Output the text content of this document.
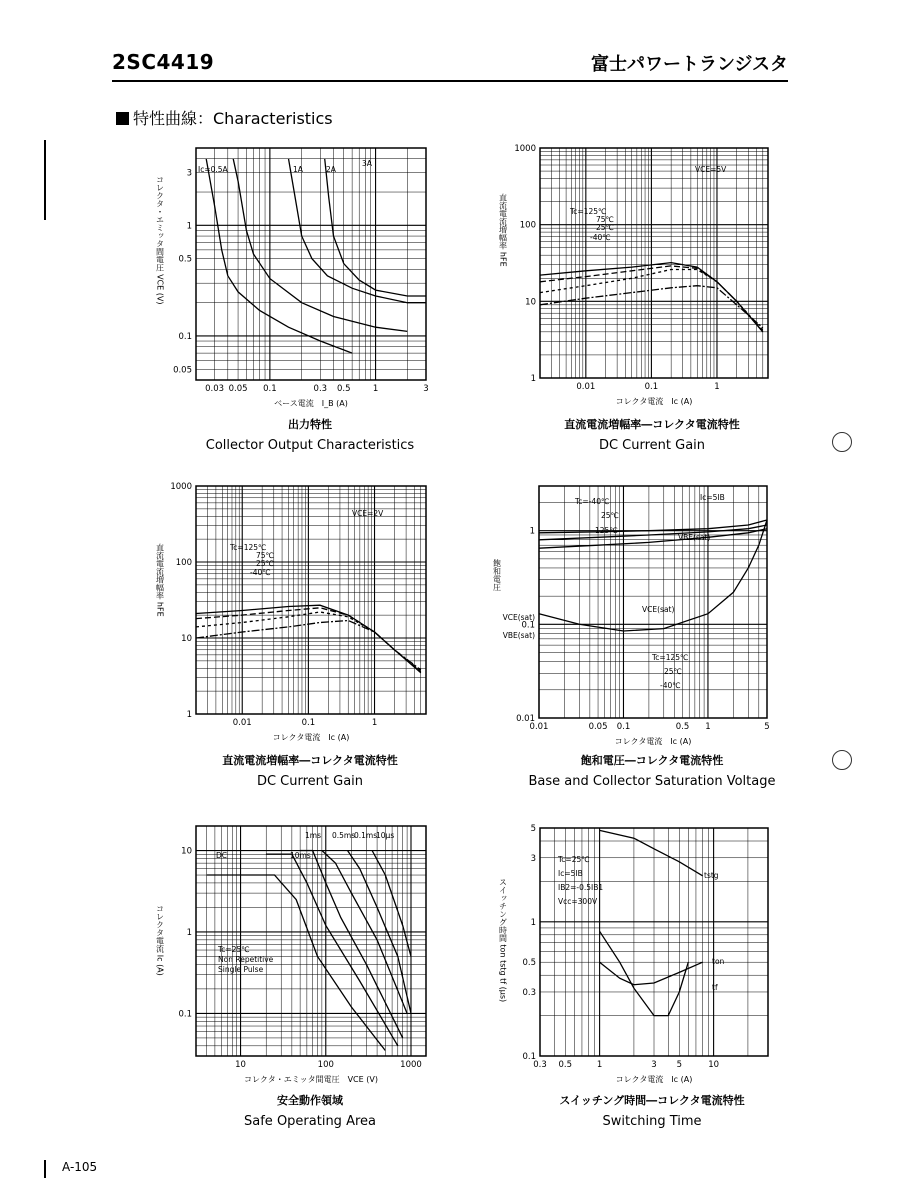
2SC4419	富士パワートランジスタ
特性曲線：Characteristics
出力特性
Collector Output Characteristics
直流電流増幅率―コレクタ電流特性
DC Current Gain
直流電流増幅率―コレクタ電流特性
DC Current Gain
飽和電圧―コレクタ電流特性
Base and Collector Saturation Voltage
安全動作領域
Safe Operating Area
スイッチング時間―コレクタ電流特性
Switching Time
A-105
0.03 0.05 0.1	0.3 0.5	1	3
0.05
0.1
0.5
1
3
ベース電流　I_B (A)
コレクタ・エミッタ間電圧 VCE (V)
Ic=0.5A	1A	2A
3A
0.01	0.1	1
1
10
100
1000
コレクタ電流　Ic (A)
直流電流増幅率 hFE
VCE=5V
Tc=125℃
75℃
25℃
-40℃
0.01	0.1	1
1
10
100
1000
コレクタ電流　Ic (A)
直流電流増幅率 hFE
VCE=2V
Tc=125℃
75℃
25℃
-40℃
0.01	0.05 0.1	0.5 1	5
0.01
0.1
1
コレクタ電流　Ic (A)
飽和電圧
Ic=5IB
VBE(sat)
VCE(sat)
Tc=-40℃
25℃
125℃
Tc=125℃
25℃
-40℃
VCE(sat)
VBE(sat)
10	100	1000
0.1
1
10
コレクタ・エミッタ間電圧　VCE (V)
コレクタ電流 Ic (A)
1ms 0.5ms
0.1ms
10μs
DC	10ms
Tc=25℃
Non Repetitive
Single Pulse
0.3 0.5	1	3 5	10
0.1
0.3
0.5
1
3
5
コレクタ電流　Ic (A)
スイッチング時間 ton tstg tf (μs)
Tc=25℃
Ic=5IB
IB2=-0.5IB1
Vcc=300V
tstg
ton
tf
